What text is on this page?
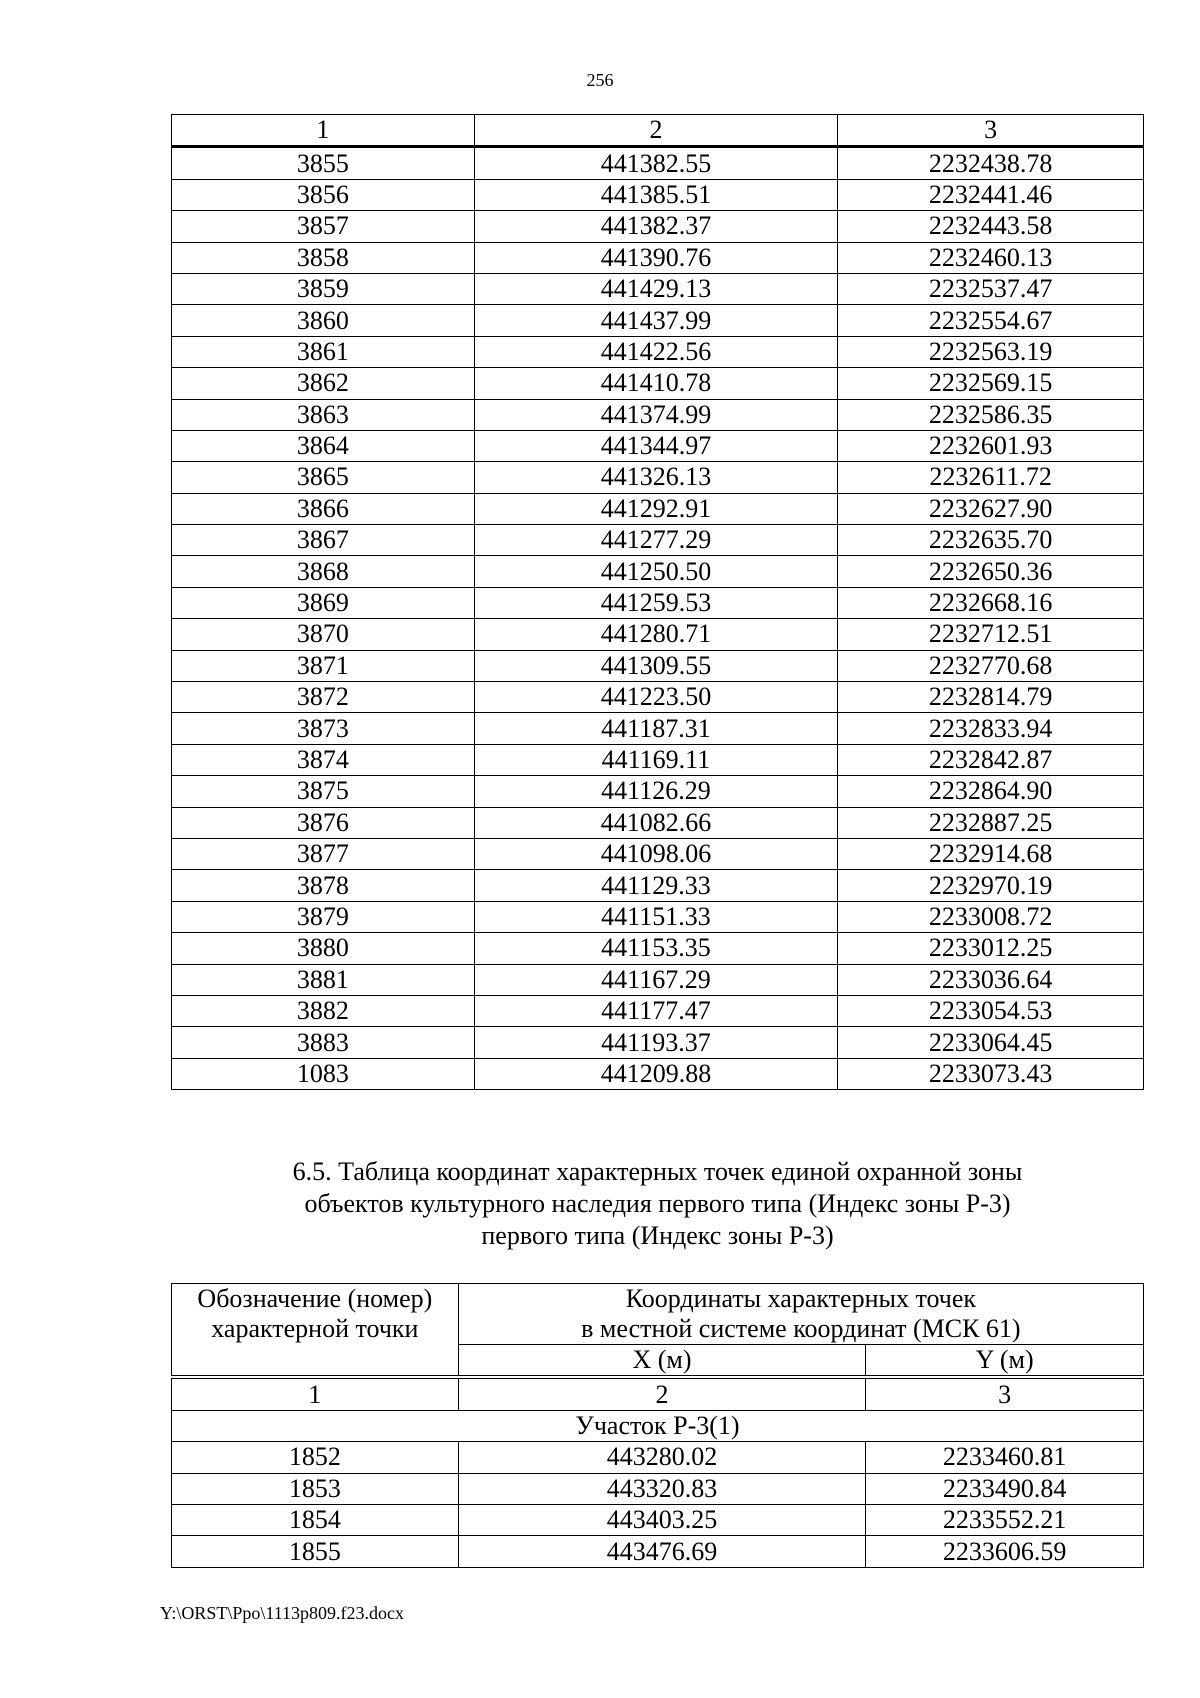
256
1	2	3
3855	441382.55	2232438.78
3856	441385.51	2232441.46
3857	441382.37	2232443.58
3858	441390.76	2232460.13
3859	441429.13	2232537.47
3860	441437.99	2232554.67
3861	441422.56	2232563.19
3862	441410.78	2232569.15
3863	441374.99	2232586.35
3864	441344.97	2232601.93
3865	441326.13	2232611.72
3866	441292.91	2232627.90
3867	441277.29	2232635.70
3868	441250.50	2232650.36
3869	441259.53	2232668.16
3870	441280.71	2232712.51
3871	441309.55	2232770.68
3872	441223.50	2232814.79
3873	441187.31	2232833.94
3874	441169.11	2232842.87
3875	441126.29	2232864.90
3876	441082.66	2232887.25
3877	441098.06	2232914.68
3878	441129.33	2232970.19
3879	441151.33	2233008.72
3880	441153.35	2233012.25
3881	441167.29	2233036.64
3882	441177.47	2233054.53
3883	441193.37	2233064.45
1083	441209.88	2233073.43
6.5. Таблица координат характерных точек единой охранной зоны
объектов культурного наследия первого типа (Индекс зоны Р-3)
первого типа (Индекс зоны Р-3)
Обозначение (номер)
характерной точки

Координаты характерных точек
в местной системе координат (МСК 61)

	X (м)	Y (м)
1	2	3
Участок Р-3(1)		
1852	443280.02	2233460.81
1853	443320.83	2233490.84
1854	443403.25	2233552.21
1855	443476.69	2233606.59
Y:\ORST\Ppo\1113p809.f23.docx
